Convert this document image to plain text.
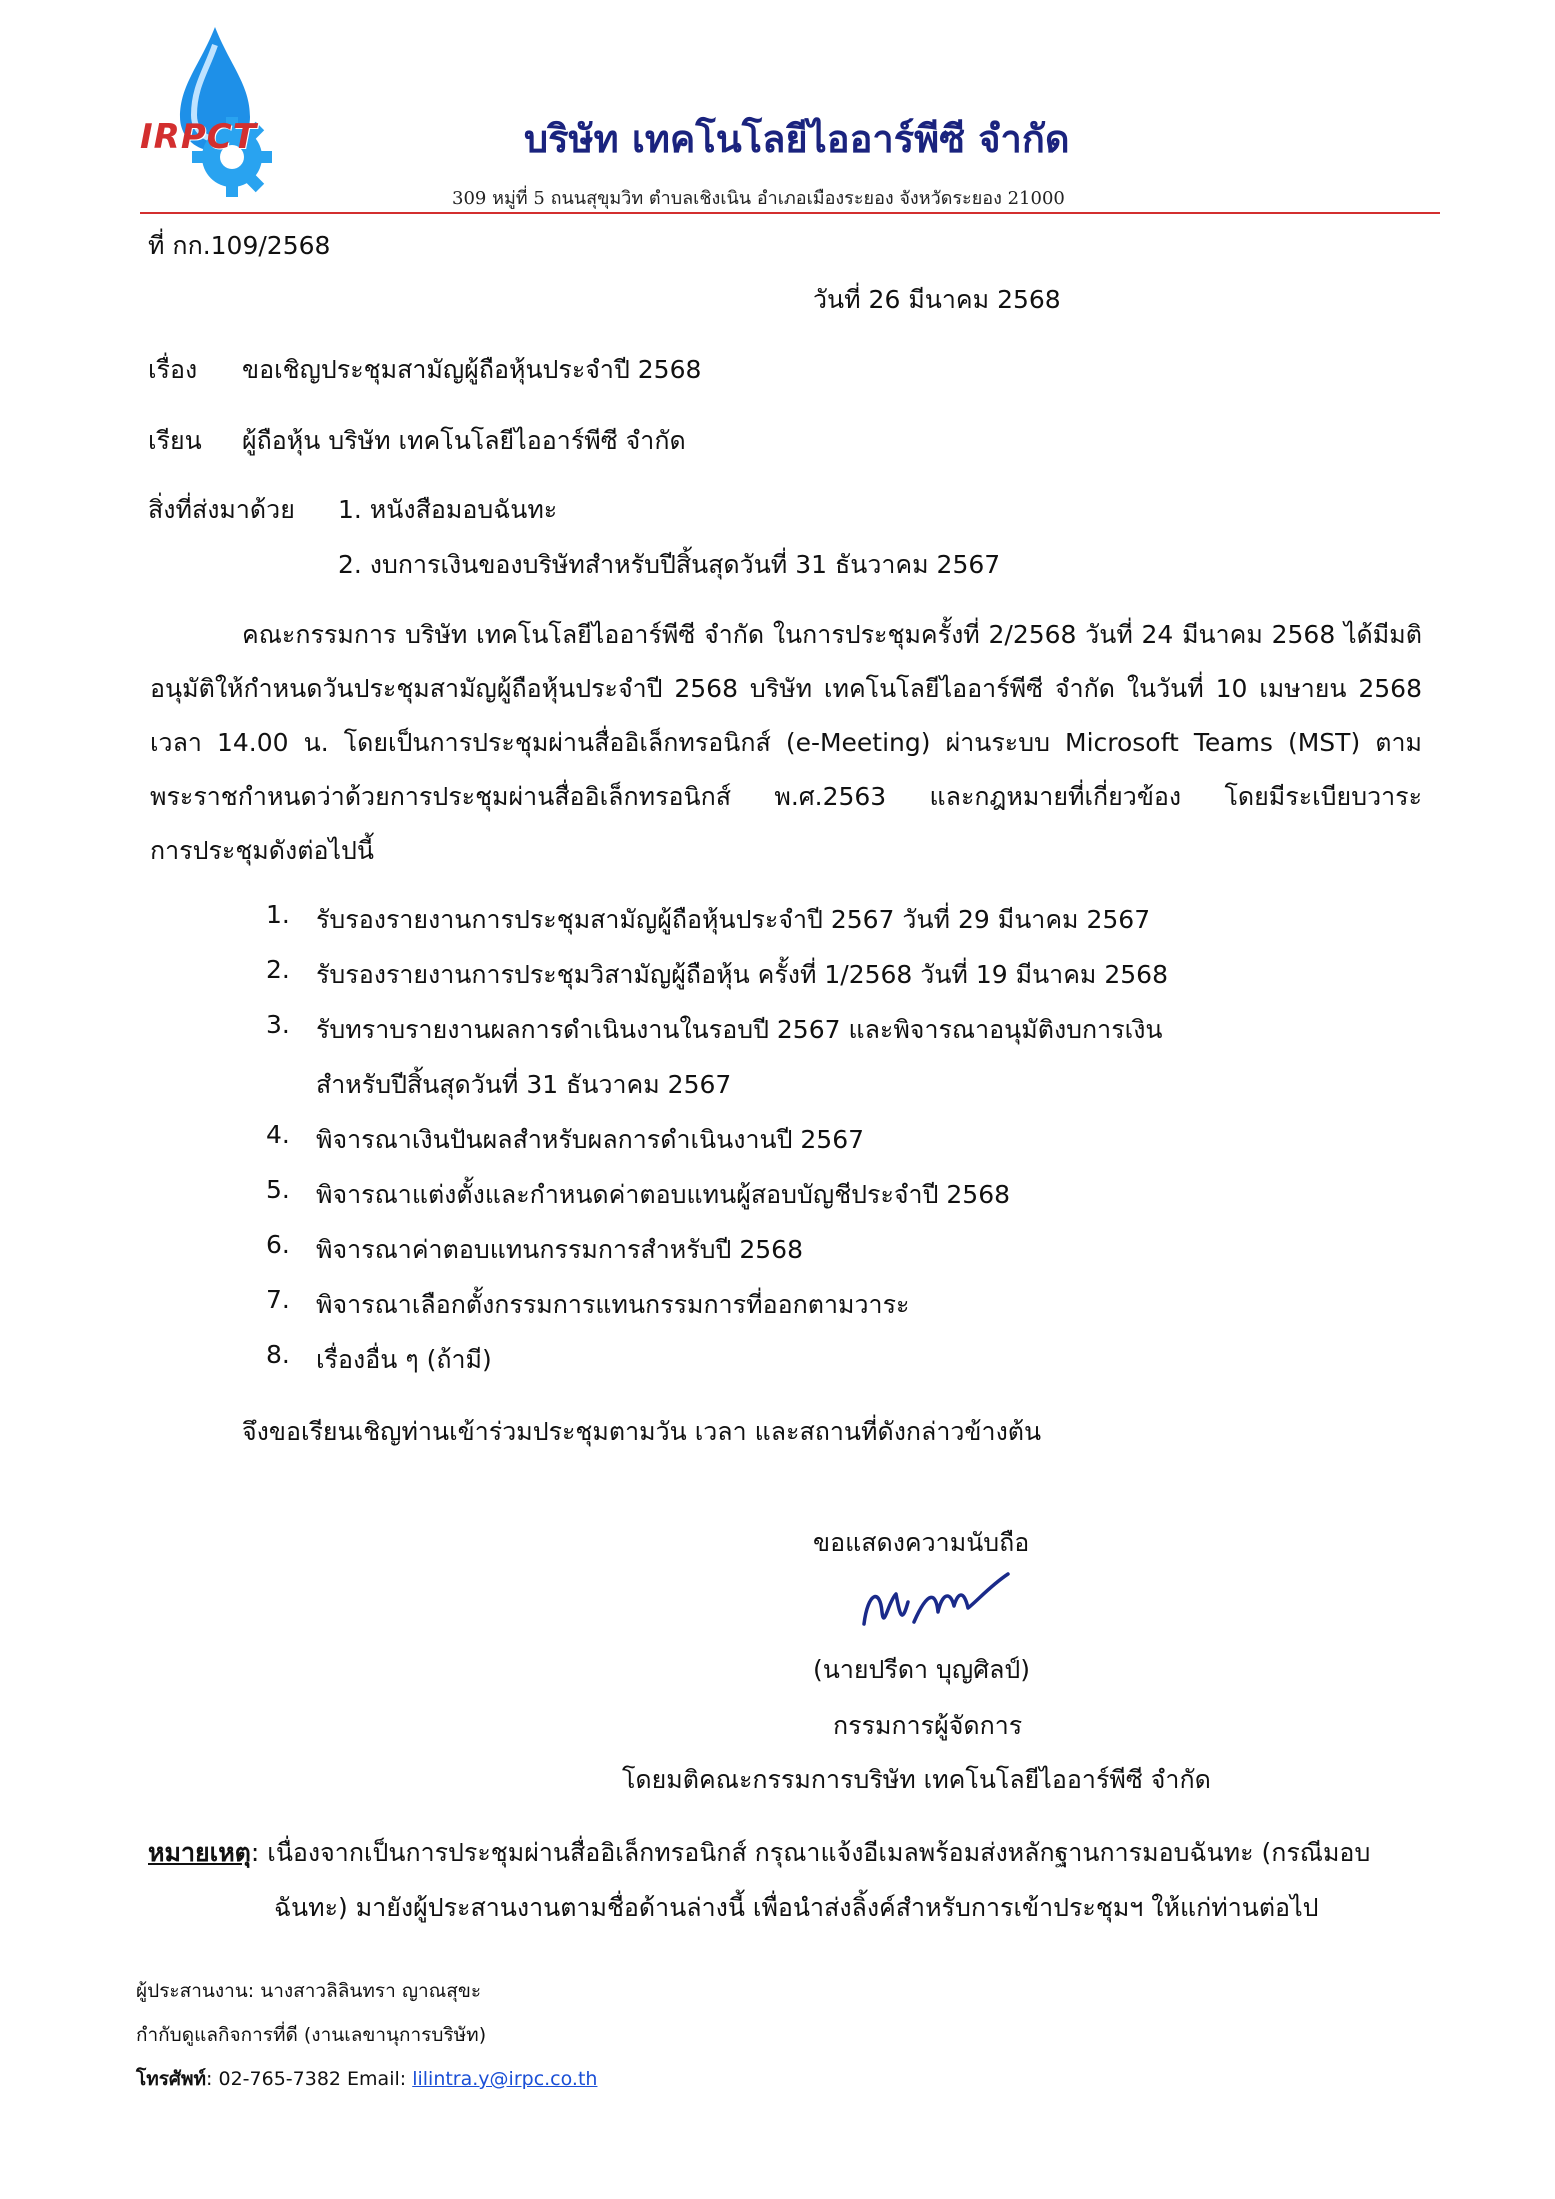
IRPCT	บริษัท เทคโนโลยีไออาร์พีซี จำกัด
309 หมู่ที่ 5 ถนนสุขุมวิท ตำบลเชิงเนิน อำเภอเมืองระยอง จังหวัดระยอง 21000
ที่ กก.109/2568
วันที่ 26 มีนาคม 2568
เรื่อง ขอเชิญประชุมสามัญผู้ถือหุ้นประจำปี 2568
เรียน ผู้ถือหุ้น บริษัท เทคโนโลยีไออาร์พีซี จำกัด
สิ่งที่ส่งมาด้วย 1. หนังสือมอบฉันทะ
2. งบการเงินของบริษัทสำหรับปีสิ้นสุดวันที่ 31 ธันวาคม 2567
คณะกรรมการ บริษัท เทคโนโลยีไออาร์พีซี จำกัด ในการประชุมครั้งที่ 2/2568 วันที่ 24 มีนาคม 2568 ได้มีมติ
อนุมัติให้กำหนดวันประชุมสามัญผู้ถือหุ้นประจำปี 2568 บริษัท เทคโนโลยีไออาร์พีซี จำกัด ในวันที่ 10 เมษายน 2568
เวลา 14.00 น. โดยเป็นการประชุมผ่านสื่ออิเล็กทรอนิกส์ (e-Meeting) ผ่านระบบ Microsoft Teams (MST) ตาม
พระราชกำหนดว่าด้วยการประชุมผ่านสื่ออิเล็กทรอนิกส์ พ.ศ.2563 และกฎหมายที่เกี่ยวข้อง โดยมีระเบียบวาระ
การประชุมดังต่อไปนี้
1. รับรองรายงานการประชุมสามัญผู้ถือหุ้นประจำปี 2567 วันที่ 29 มีนาคม 2567
2. รับรองรายงานการประชุมวิสามัญผู้ถือหุ้น ครั้งที่ 1/2568 วันที่ 19 มีนาคม 2568
3. รับทราบรายงานผลการดำเนินงานในรอบปี 2567 และพิจารณาอนุมัติงบการเงิน
สำหรับปีสิ้นสุดวันที่ 31 ธันวาคม 2567
4. พิจารณาเงินปันผลสำหรับผลการดำเนินงานปี 2567
5. พิจารณาแต่งตั้งและกำหนดค่าตอบแทนผู้สอบบัญชีประจำปี 2568
6. พิจารณาค่าตอบแทนกรรมการสำหรับปี 2568
7. พิจารณาเลือกตั้งกรรมการแทนกรรมการที่ออกตามวาระ
8. เรื่องอื่น ๆ (ถ้ามี)
จึงขอเรียนเชิญท่านเข้าร่วมประชุมตามวัน เวลา และสถานที่ดังกล่าวข้างต้น
ขอแสดงความนับถือ
(นายปรีดา บุญศิลป์)
กรรมการผู้จัดการ
โดยมติคณะกรรมการบริษัท เทคโนโลยีไออาร์พีซี จำกัด
หมายเหตุ: เนื่องจากเป็นการประชุมผ่านสื่ออิเล็กทรอนิกส์ กรุณาแจ้งอีเมลพร้อมส่งหลักฐานการมอบฉันทะ (กรณีมอบ
ฉันทะ) มายังผู้ประสานงานตามชื่อด้านล่างนี้ เพื่อนำส่งลิ้งค์สำหรับการเข้าประชุมฯ ให้แก่ท่านต่อไป
ผู้ประสานงาน: นางสาวลิลินทรา ญาณสุขะ
กำกับดูแลกิจการที่ดี (งานเลขานุการบริษัท)
โทรศัพท์: 02-765-7382 Email: lilintra.y@irpc.co.th
